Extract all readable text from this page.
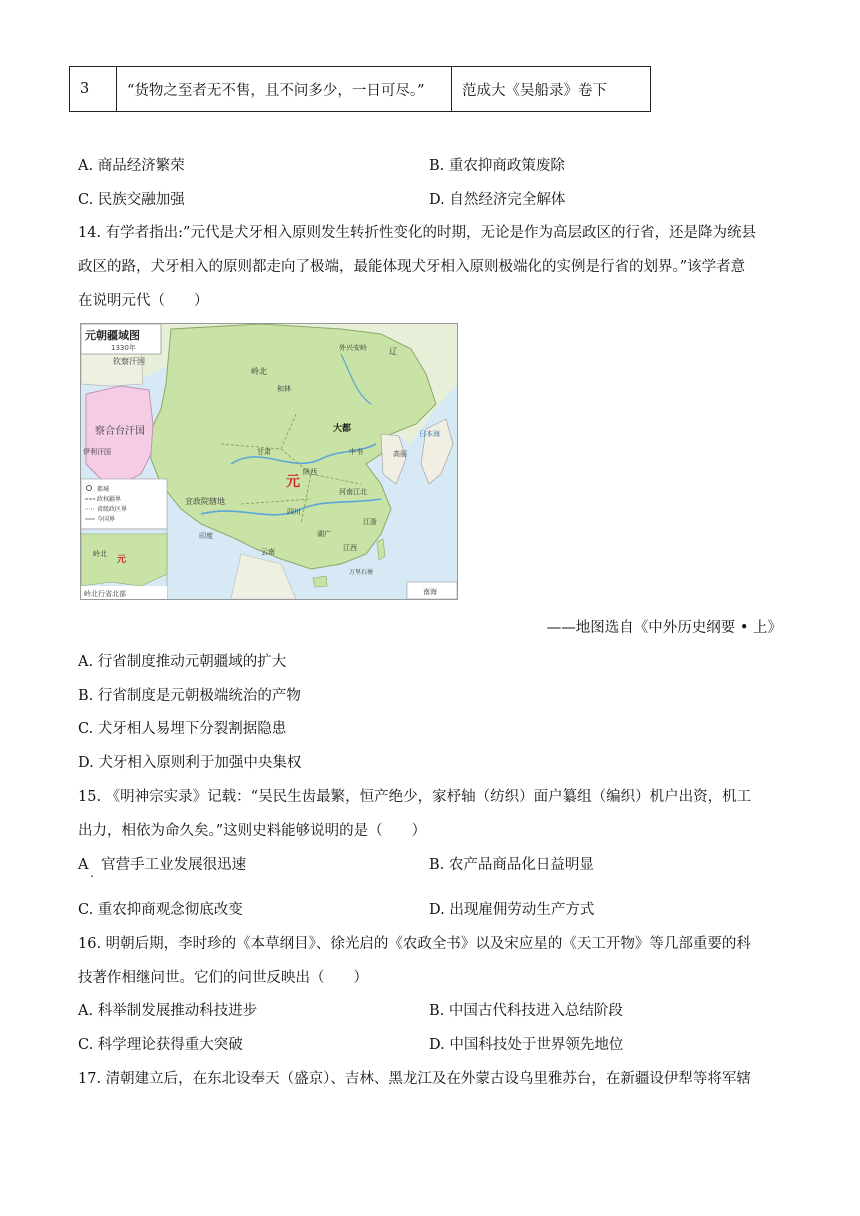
3	“货物之至者无不售，且不问多少，一日可尽。”	范成大《吴船录》卷下
A. 商品经济繁荣	B. 重农抑商政策废除
C. 民族交融加强	D. 自然经济完全解体
14. 有学者指出:”元代是犬牙相入原则发生转折性变化的时期，无论是作为高层政区的行省，还是降为统县
政区的路，犬牙相入的原则都走向了极端，最能体现犬牙相入原则极端化的实例是行省的划界。”该学者意
在说明元代（　　）
元朝疆域图
1330年
钦察汗国
察合台汗国
伊利汗国
岭北
和林
外兴安岭	辽
大都
中书	高丽
日本海
元
甘肃
陕西
河南江北
四川
江浙
湖广
江西
云南
宣政院辖地
印度
万里石塘
都城
政权疆界
省级政区界
今国界
元
岭北
岭北行省北部	南海
——地图选自《中外历史纲要 • 上》
A. 行省制度推动元朝疆域的扩大
B. 行省制度是元朝极端统治的产物
C. 犬牙相人易埋下分裂割据隐患
D. 犬牙相入原则利于加强中央集权
15. 《明神宗实录》记载：“吴民生齿最繁，恒产绝少，家杼轴（纺织）面户纂组（编织）机户出资，机工
出力，相依为命久矣。”这则史料能够说明的是（　　）
A . 官营手工业发展很迅速	B. 农产品商品化日益明显
C. 重农抑商观念彻底改变	D. 出现雇佣劳动生产方式
16. 明朝后期，李时珍的《本草纲目》、徐光启的《农政全书》以及宋应星的《天工开物》等几部重要的科
技著作相继问世。它们的问世反映出（　　）
A. 科举制发展推动科技进步	B. 中国古代科技进入总结阶段
C. 科学理论获得重大突破	D. 中国科技处于世界领先地位
17. 清朝建立后，在东北设奉天（盛京）、吉林、黑龙江及在外蒙古设乌里雅苏台，在新疆设伊犁等将军辖
